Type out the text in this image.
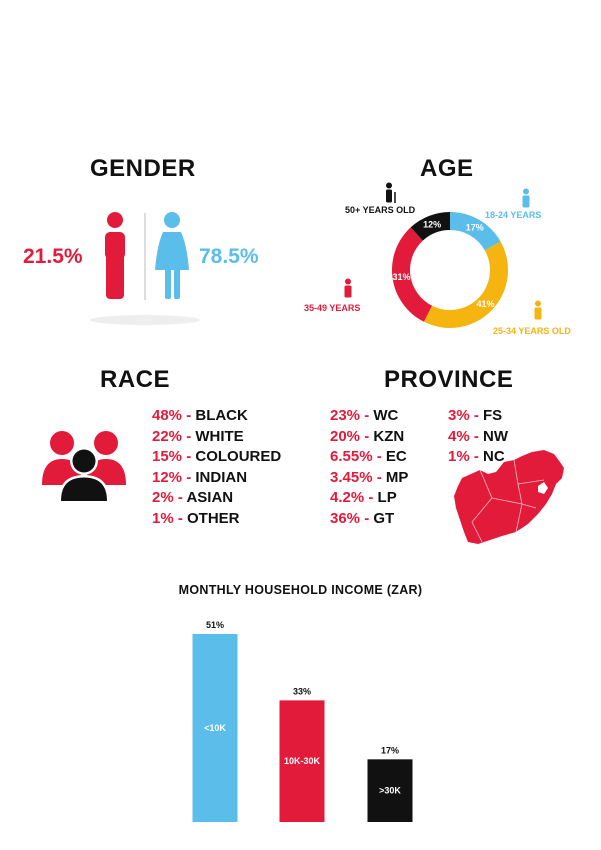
GENDER
21.5%	78.5%
AGE
50+ YEARS OLD	18-24 YEARS
35-49 YEARS
25-34 YEARS OLD
17%
41%
31%
12%
RACE
48% - BLACK
22% - WHITE
15% - COLOURED
12% - INDIAN
2% - ASIAN
1% - OTHER
PROVINCE
23% - WC
20% - KZN
6.55% - EC
3.45% - MP
4.2% - LP
36% - GT
3% - FS
4% - NW
1% - NC
MONTHLY HOUSEHOLD INCOME (ZAR)
51%
<10K
33%
10K-30K
17%
>30K
